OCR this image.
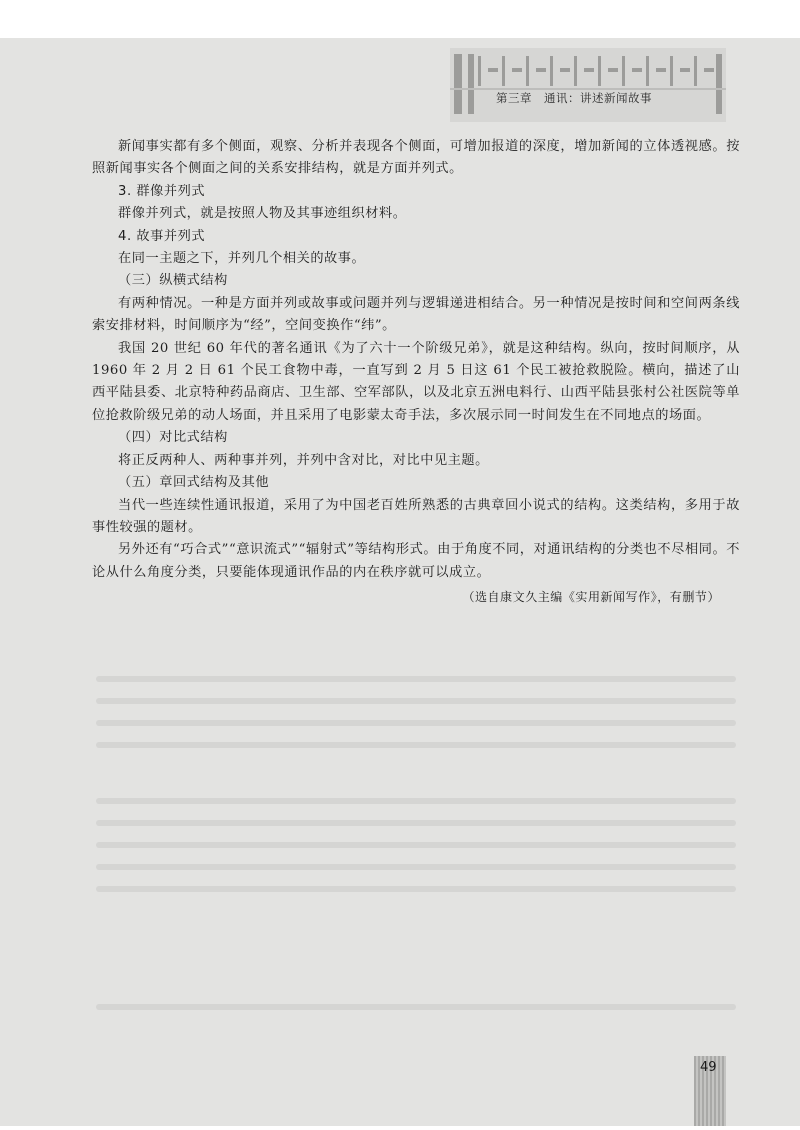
第三章　通讯：讲述新闻故事

新闻事实都有多个侧面，观察、分析并表现各个侧面，可增加报道的深度，增加新闻的立体透视感。按照新闻事实各个侧面之间的关系安排结构，就是方面并列式。

3. 群像并列式

群像并列式，就是按照人物及其事迹组织材料。

4. 故事并列式

在同一主题之下，并列几个相关的故事。

（三）纵横式结构

有两种情况。一种是方面并列或故事或问题并列与逻辑递进相结合。另一种情况是按时间和空间两条线索安排材料，时间顺序为“经”，空间变换作“纬”。

我国 20 世纪 60 年代的著名通讯《为了六十一个阶级兄弟》，就是这种结构。纵向，按时间顺序，从 1960 年 2 月 2 日 61 个民工食物中毒，一直写到 2 月 5 日这 61 个民工被抢救脱险。横向，描述了山西平陆县委、北京特种药品商店、卫生部、空军部队，以及北京五洲电料行、山西平陆县张村公社医院等单位抢救阶级兄弟的动人场面，并且采用了电影蒙太奇手法，多次展示同一时间发生在不同地点的场面。

（四）对比式结构

将正反两种人、两种事并列，并列中含对比，对比中见主题。

（五）章回式结构及其他

当代一些连续性通讯报道，采用了为中国老百姓所熟悉的古典章回小说式的结构。这类结构，多用于故事性较强的题材。

另外还有“巧合式”“意识流式”“辐射式”等结构形式。由于角度不同，对通讯结构的分类也不尽相同。不论从什么角度分类，只要能体现通讯作品的内在秩序就可以成立。

（选自康文久主编《实用新闻写作》，有删节）

49
